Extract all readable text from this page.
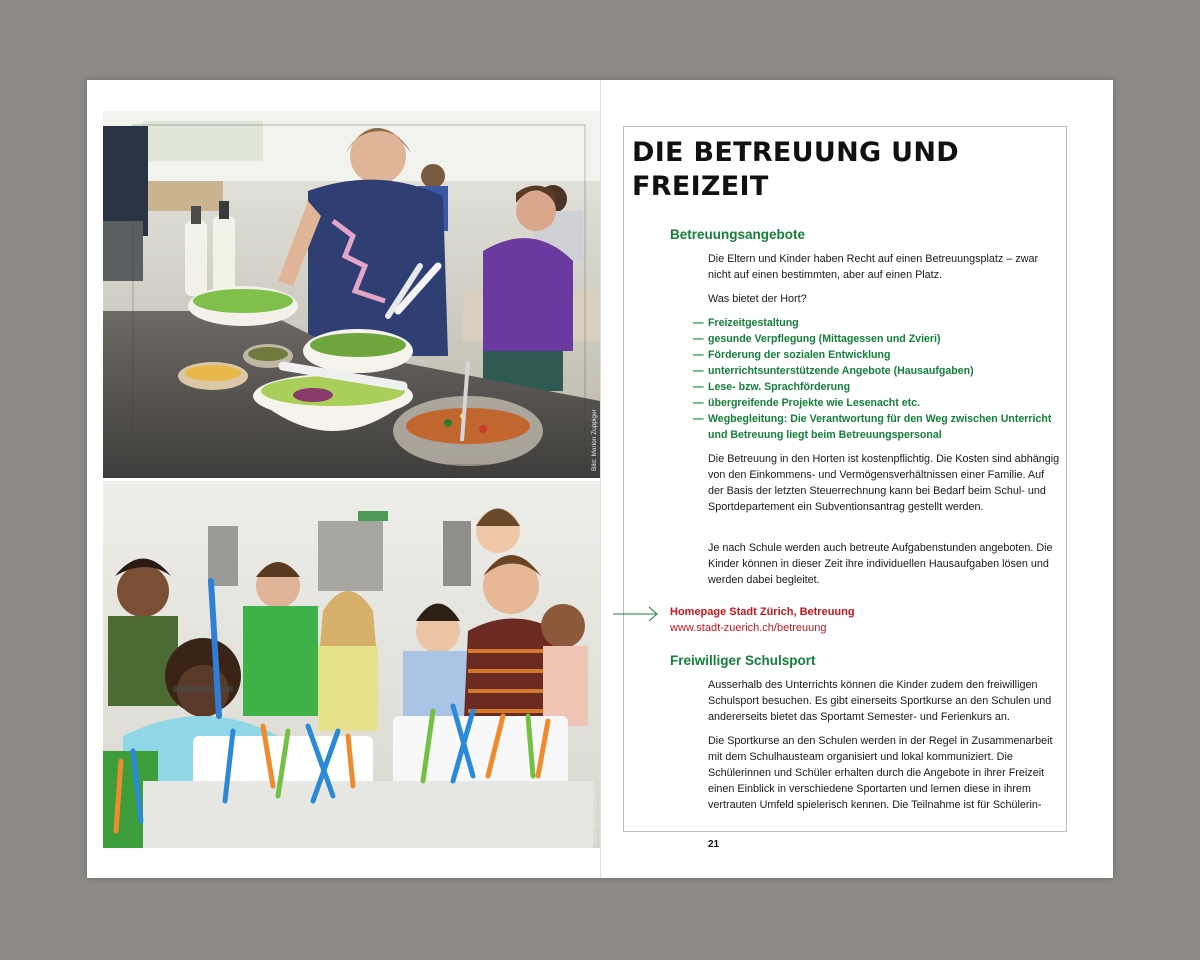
Bild: Marion Zuppiger
Bild: Marion Zuppiger
DIE BETREUUNG UND FREIZEIT
Betreuungsangebote

Die Eltern und Kinder haben Recht auf einen Betreuungsplatz – zwar nicht auf einen bestimmten, aber auf einen Platz.

Was bietet der Hort?

— Freizeitgestaltung
— gesunde Verpflegung (Mittagessen und Zvieri)
— Förderung der sozialen Entwicklung
— unterrichtsunterstützende Angebote (Hausaufgaben)
— Lese- bzw. Sprachförderung
— übergreifende Projekte wie Lesenacht etc.
— Wegbegleitung: Die Verantwortung für den Weg zwischen Unterricht und Betreuung liegt beim Betreuungspersonal

Die Betreuung in den Horten ist kostenpflichtig. Die Kosten sind abhängig von den Einkommens- und Vermögensverhältnissen einer Familie. Auf der Basis der letzten Steuerrechnung kann bei Bedarf beim Schul- und Sportdepartement ein Subventionsantrag gestellt werden.

Je nach Schule werden auch betreute Aufgabenstunden angeboten. Die Kinder können in dieser Zeit ihre individuellen Hausaufgaben lösen und werden dabei begleitet.

Homepage Stadt Zürich, Betreuung
www.stadt-zuerich.ch/betreuung
Freiwilliger Schulsport

Ausserhalb des Unterrichts können die Kinder zudem den freiwilligen Schulsport besuchen. Es gibt einerseits Sportkurse an den Schulen und andererseits bietet das Sportamt Semester- und Ferienkurs an.

Die Sportkurse an den Schulen werden in der Regel in Zusammenarbeit mit dem Schulhausteam organisiert und lokal kommuniziert. Die Schülerinnen und Schüler erhalten durch die Angebote in ihrer Freizeit einen Einblick in verschiedene Sportarten und lernen diese in ihrem vertrauten Umfeld spielerisch kennen. Die Teilnahme ist für Schülerin-

21
